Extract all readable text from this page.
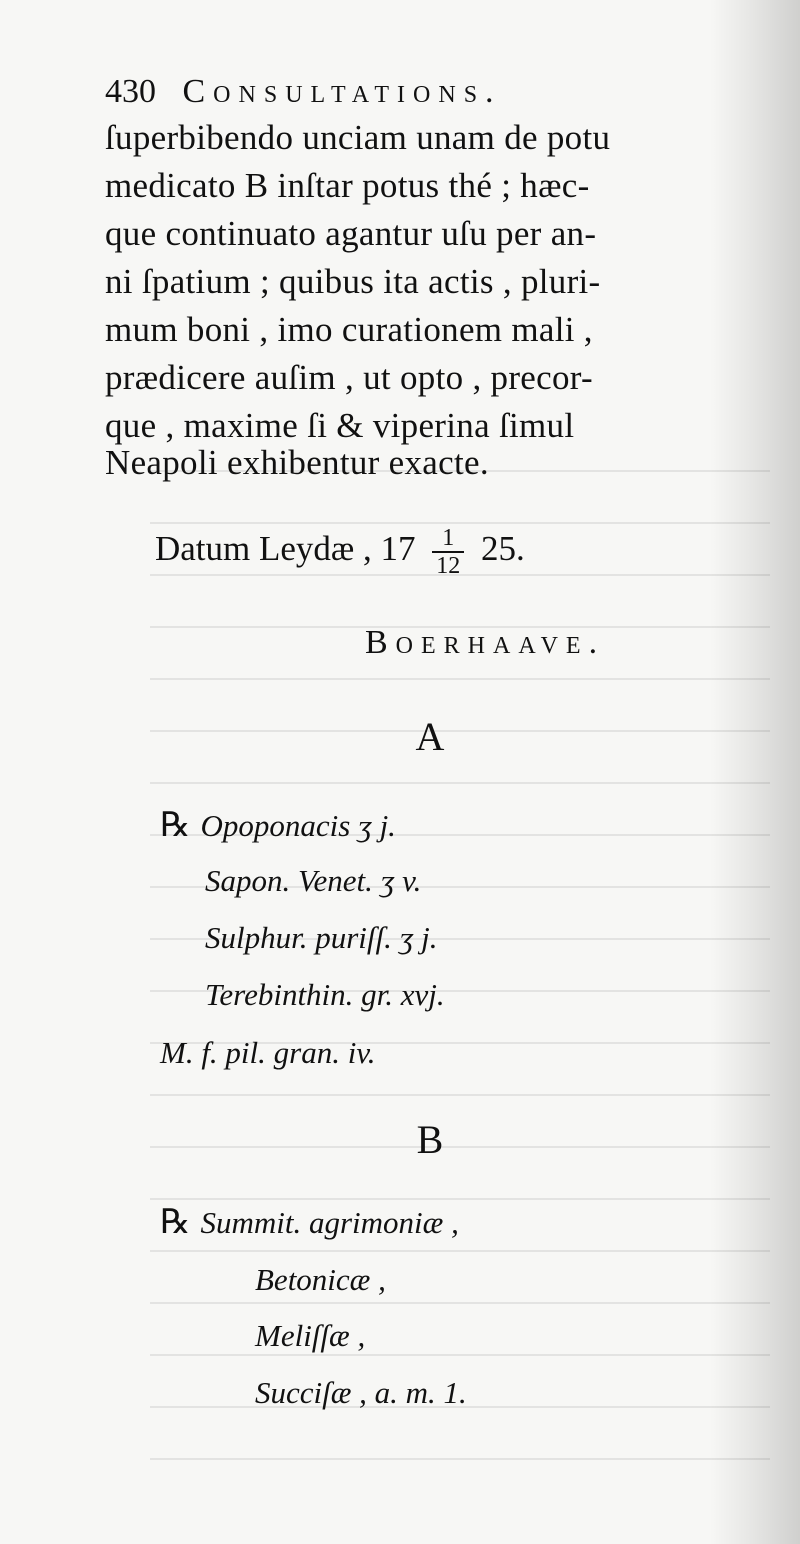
430 Consultations.
ſuperbibendo unciam unam de potu
medicato B inſtar potus thé ; hæc-
que continuato agantur uſu per an-
ni ſpatium ; quibus ita actis , pluri-
mum boni , imo curationem mali ,
prædicere auſim , ut opto , precor-
que , maxime ſi & viperina ſimul
Neapoli exhibentur exacte.
Datum Leydæ , $17 \frac{1}{12} 25$.
Boerhaave.
A
℞ Opoponacis ʒ j.
Sapon. Venet. ʒ v.
Sulphur. puriſſ. ʒ j.
Terebinthin. gr. xvj.
M. f. pil. gran. iv.
B
℞ Summit. agrimoniæ ,
Betonicæ ,
Meliſſæ ,
Succiſæ , a. m. 1.
